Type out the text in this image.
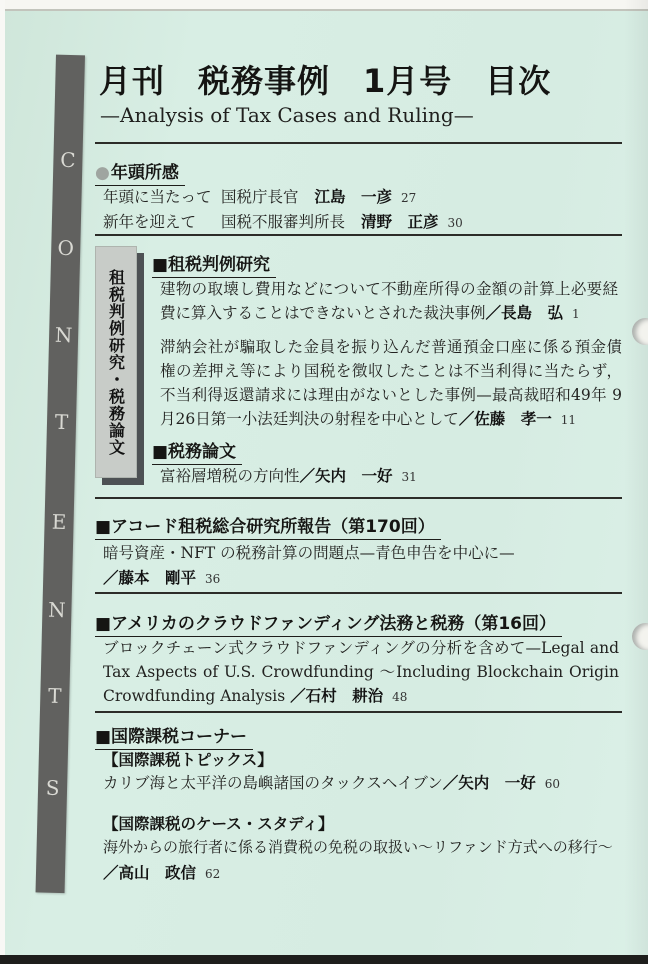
C
O
N
T
E
N
T
S
月刊　税務事例　1月号　目次
—Analysis of Tax Cases and Ruling—
●年頭所感
年頭に当たって 国税庁長官 江島　一彦 27
新年を迎えて 国税不服審判所長 清野　正彦 30
租税判例研究・税務論文
■租税判例研究
建物の取壊し費用などについて不動産所得の金額の計算上必要経費に算入することはできないとされた裁決事例／長島　弘 1
滞納会社が騙取した金員を振り込んだ普通預金口座に係る預金債権の差押え等により国税を徴収したことは不当利得に当たらず，不当利得返還請求には理由がないとした事例—最高裁昭和49年 9 月26日第一小法廷判決の射程を中心として／佐藤　孝一 11
■税務論文
富裕層増税の方向性／矢内　一好 31
■アコード租税総合研究所報告（第170回）
暗号資産・NFT の税務計算の問題点—青色申告を中心に—
／藤本　剛平 36
■アメリカのクラウドファンディング法務と税務（第16回）
ブロックチェーン式クラウドファンディングの分析を含めて—Legal and Tax Aspects of U.S. Crowdfunding ～Including Blockchain Origin Crowdfunding Analysis ／石村　耕治 48
■国際課税コーナー
【国際課税トピックス】
カリブ海と太平洋の島嶼諸国のタックスヘイブン／矢内　一好 60
【国際課税のケース・スタディ】
海外からの旅行者に係る消費税の免税の取扱い～リファンド方式への移行～
／高山　政信 62
